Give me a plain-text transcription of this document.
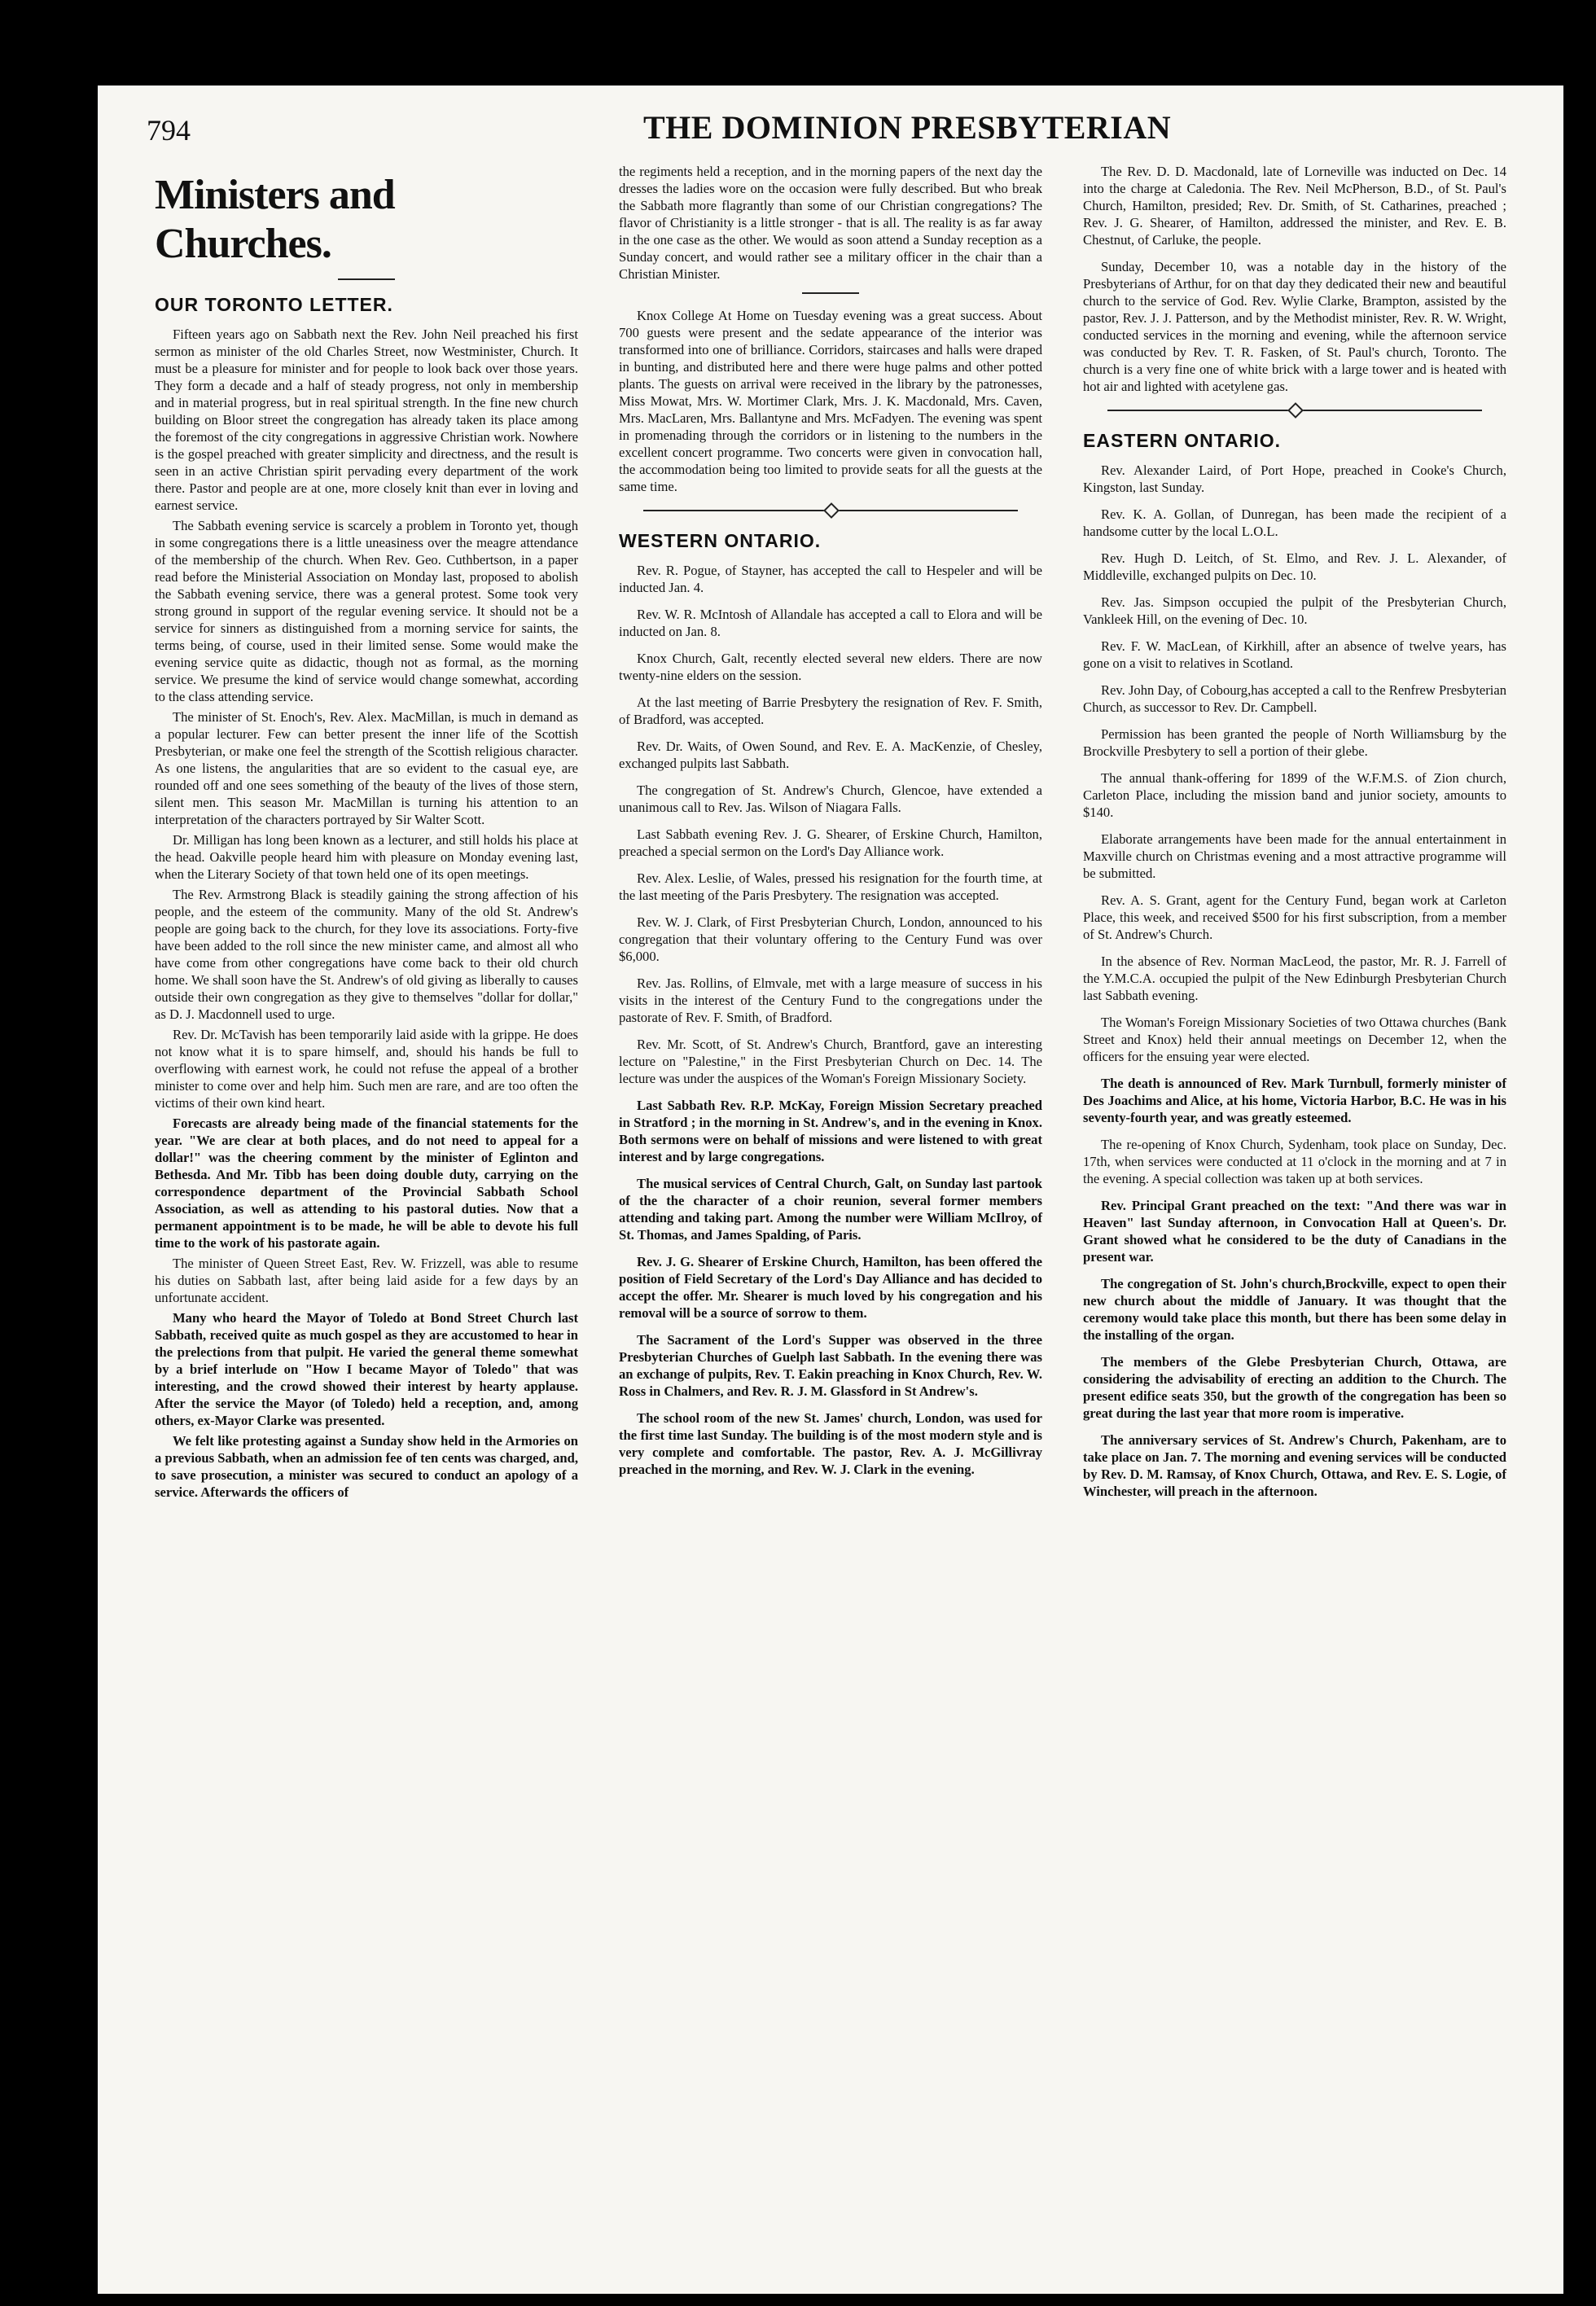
794	THE DOMINION PRESBYTERIAN
Ministers and Churches.
OUR TORONTO LETTER.

Fifteen years ago on Sabbath next the Rev. John Neil preached his first sermon as minister of the old Charles Street, now Westminister, Church. It must be a pleasure for minister and for people to look back over those years. They form a decade and a half of steady progress, not only in membership and in material progress, but in real spiritual strength. In the fine new church building on Bloor street the congregation has already taken its place among the foremost of the city congregations in aggressive Christian work. Nowhere is the gospel preached with greater simplicity and directness, and the result is seen in an active Christian spirit pervading every department of the work there. Pastor and people are at one, more closely knit than ever in loving and earnest service.

The Sabbath evening service is scarcely a problem in Toronto yet, though in some congregations there is a little uneasiness over the meagre attendance of the membership of the church. When Rev. Geo. Cuthbertson, in a paper read before the Ministerial Association on Monday last, proposed to abolish the Sabbath evening service, there was a general protest. Some took very strong ground in support of the regular evening service. It should not be a service for sinners as distinguished from a morning service for saints, the terms being, of course, used in their limited sense. Some would make the evening service quite as didactic, though not as formal, as the morning service. We presume the kind of service would change somewhat, according to the class attending service.

The minister of St. Enoch's, Rev. Alex. MacMillan, is much in demand as a popular lecturer. Few can better present the inner life of the Scottish Presbyterian, or make one feel the strength of the Scottish religious character. As one listens, the angularities that are so evident to the casual eye, are rounded off and one sees something of the beauty of the lives of those stern, silent men. This season Mr. MacMillan is turning his attention to an interpretation of the characters portrayed by Sir Walter Scott.

Dr. Milligan has long been known as a lecturer, and still holds his place at the head. Oakville people heard him with pleasure on Monday evening last, when the Literary Society of that town held one of its open meetings.

The Rev. Armstrong Black is steadily gaining the strong affection of his people, and the esteem of the community. Many of the old St. Andrew's people are going back to the church, for they love its associations. Forty-five have been added to the roll since the new minister came, and almost all who have come from other congregations have come back to their old church home. We shall soon have the St. Andrew's of old giving as liberally to causes outside their own congregation as they give to themselves "dollar for dollar," as D. J. Macdonnell used to urge.

Rev. Dr. McTavish has been temporarily laid aside with la grippe. He does not know what it is to spare himself, and, should his hands be full to overflowing with earnest work, he could not refuse the appeal of a brother minister to come over and help him. Such men are rare, and are too often the victims of their own kind heart.

Forecasts are already being made of the financial statements for the year. "We are clear at both places, and do not need to appeal for a dollar!" was the cheering comment by the minister of Eglinton and Bethesda. And Mr. Tibb has been doing double duty, carrying on the correspondence department of the Provincial Sabbath School Association, as well as attending to his pastoral duties. Now that a permanent appointment is to be made, he will be able to devote his full time to the work of his pastorate again.

The minister of Queen Street East, Rev. W. Frizzell, was able to resume his duties on Sabbath last, after being laid aside for a few days by an unfortunate accident.

Many who heard the Mayor of Toledo at Bond Street Church last Sabbath, received quite as much gospel as they are accustomed to hear in the prelections from that pulpit. He varied the general theme somewhat by a brief interlude on "How I became Mayor of Toledo" that was interesting, and the crowd showed their interest by hearty applause. After the service the Mayor (of Toledo) held a reception, and, among others, ex-Mayor Clarke was presented.

We felt like protesting against a Sunday show held in the Armories on a previous Sabbath, when an admission fee of ten cents was charged, and, to save prosecution, a minister was secured to conduct an apology of a service. Afterwards the officers of

the regiments held a reception, and in the morning papers of the next day the dresses the ladies wore on the occasion were fully described. But who break the Sabbath more flagrantly than some of our Christian congregations? The flavor of Christianity is a little stronger - that is all. The reality is as far away in the one case as the other. We would as soon attend a Sunday reception as a Sunday concert, and would rather see a military officer in the chair than a Christian Minister.

Knox College At Home on Tuesday evening was a great success. About 700 guests were present and the sedate appearance of the interior was transformed into one of brilliance. Corridors, staircases and halls were draped in bunting, and distributed here and there were huge palms and other potted plants. The guests on arrival were received in the library by the patronesses, Miss Mowat, Mrs. W. Mortimer Clark, Mrs. J. K. Macdonald, Mrs. Caven, Mrs. MacLaren, Mrs. Ballantyne and Mrs. McFadyen. The evening was spent in promenading through the corridors or in listening to the numbers in the excellent concert programme. Two concerts were given in convocation hall, the accommodation being too limited to provide seats for all the guests at the same time.

WESTERN ONTARIO.

Rev. R. Pogue, of Stayner, has accepted the call to Hespeler and will be inducted Jan. 4.

Rev. W. R. McIntosh of Allandale has accepted a call to Elora and will be inducted on Jan. 8.

Knox Church, Galt, recently elected several new elders. There are now twenty-nine elders on the session.

At the last meeting of Barrie Presbytery the resignation of Rev. F. Smith, of Bradford, was accepted.

Rev. Dr. Waits, of Owen Sound, and Rev. E. A. MacKenzie, of Chesley, exchanged pulpits last Sabbath.

The congregation of St. Andrew's Church, Glencoe, have extended a unanimous call to Rev. Jas. Wilson of Niagara Falls.

Last Sabbath evening Rev. J. G. Shearer, of Erskine Church, Hamilton, preached a special sermon on the Lord's Day Alliance work.

Rev. Alex. Leslie, of Wales, pressed his resignation for the fourth time, at the last meeting of the Paris Presbytery. The resignation was accepted.

Rev. W. J. Clark, of First Presbyterian Church, London, announced to his congregation that their voluntary offering to the Century Fund was over $6,000.

Rev. Jas. Rollins, of Elmvale, met with a large measure of success in his visits in the interest of the Century Fund to the congregations under the pastorate of Rev. F. Smith, of Bradford.

Rev. Mr. Scott, of St. Andrew's Church, Brantford, gave an interesting lecture on "Palestine," in the First Presbyterian Church on Dec. 14. The lecture was under the auspices of the Woman's Foreign Missionary Society.

Last Sabbath Rev. R.P. McKay, Foreign Mission Secretary preached in Stratford ; in the morning in St. Andrew's, and in the evening in Knox. Both sermons were on behalf of missions and were listened to with great interest and by large congregations.

The musical services of Central Church, Galt, on Sunday last partook of the the character of a choir reunion, several former members attending and taking part. Among the number were William McIlroy, of St. Thomas, and James Spalding, of Paris.

Rev. J. G. Shearer of Erskine Church, Hamilton, has been offered the position of Field Secretary of the Lord's Day Alliance and has decided to accept the offer. Mr. Shearer is much loved by his congregation and his removal will be a source of sorrow to them.

The Sacrament of the Lord's Supper was observed in the three Presbyterian Churches of Guelph last Sabbath. In the evening there was an exchange of pulpits, Rev. T. Eakin preaching in Knox Church, Rev. W. Ross in Chalmers, and Rev. R. J. M. Glassford in St Andrew's.

The school room of the new St. James' church, London, was used for the first time last Sunday. The building is of the most modern style and is very complete and comfortable. The pastor, Rev. A. J. McGillivray preached in the morning, and Rev. W. J. Clark in the evening.

The Rev. D. D. Macdonald, late of Lorneville was inducted on Dec. 14 into the charge at Caledonia. The Rev. Neil McPherson, B.D., of St. Paul's Church, Hamilton, presided; Rev. Dr. Smith, of St. Catharines, preached ; Rev. J. G. Shearer, of Hamilton, addressed the minister, and Rev. E. B. Chestnut, of Carluke, the people.

Sunday, December 10, was a notable day in the history of the Presbyterians of Arthur, for on that day they dedicated their new and beautiful church to the service of God. Rev. Wylie Clarke, Brampton, assisted by the pastor, Rev. J. J. Patterson, and by the Methodist minister, Rev. R. W. Wright, conducted services in the morning and evening, while the afternoon service was conducted by Rev. T. R. Fasken, of St. Paul's church, Toronto. The church is a very fine one of white brick with a large tower and is heated with hot air and lighted with acetylene gas.

EASTERN ONTARIO.

Rev. Alexander Laird, of Port Hope, preached in Cooke's Church, Kingston, last Sunday.

Rev. K. A. Gollan, of Dunregan, has been made the recipient of a handsome cutter by the local L.O.L.

Rev. Hugh D. Leitch, of St. Elmo, and Rev. J. L. Alexander, of Middleville, exchanged pulpits on Dec. 10.

Rev. Jas. Simpson occupied the pulpit of the Presbyterian Church, Vankleek Hill, on the evening of Dec. 10.

Rev. F. W. MacLean, of Kirkhill, after an absence of twelve years, has gone on a visit to relatives in Scotland.

Rev. John Day, of Cobourg,has accepted a call to the Renfrew Presbyterian Church, as successor to Rev. Dr. Campbell.

Permission has been granted the people of North Williamsburg by the Brockville Presbytery to sell a portion of their glebe.

The annual thank-offering for 1899 of the W.F.M.S. of Zion church, Carleton Place, including the mission band and junior society, amounts to $140.

Elaborate arrangements have been made for the annual entertainment in Maxville church on Christmas evening and a most attractive programme will be submitted.

Rev. A. S. Grant, agent for the Century Fund, began work at Carleton Place, this week, and received $500 for his first subscription, from a member of St. Andrew's Church.

In the absence of Rev. Norman MacLeod, the pastor, Mr. R. J. Farrell of the Y.M.C.A. occupied the pulpit of the New Edinburgh Presbyterian Church last Sabbath evening.

The Woman's Foreign Missionary Societies of two Ottawa churches (Bank Street and Knox) held their annual meetings on December 12, when the officers for the ensuing year were elected.

The death is announced of Rev. Mark Turnbull, formerly minister of Des Joachims and Alice, at his home, Victoria Harbor, B.C. He was in his seventy-fourth year, and was greatly esteemed.

The re-opening of Knox Church, Sydenham, took place on Sunday, Dec. 17th, when services were conducted at 11 o'clock in the morning and at 7 in the evening. A special collection was taken up at both services.

Rev. Principal Grant preached on the text: "And there was war in Heaven" last Sunday afternoon, in Convocation Hall at Queen's. Dr. Grant showed what he considered to be the duty of Canadians in the present war.

The congregation of St. John's church,Brockville, expect to open their new church about the middle of January. It was thought that the ceremony would take place this month, but there has been some delay in the installing of the organ.

The members of the Glebe Presbyterian Church, Ottawa, are considering the advisability of erecting an addition to the Church. The present edifice seats 350, but the growth of the congregation has been so great during the last year that more room is imperative.

The anniversary services of St. Andrew's Church, Pakenham, are to take place on Jan. 7. The morning and evening services will be conducted by Rev. D. M. Ramsay, of Knox Church, Ottawa, and Rev. E. S. Logie, of Winchester, will preach in the afternoon.
